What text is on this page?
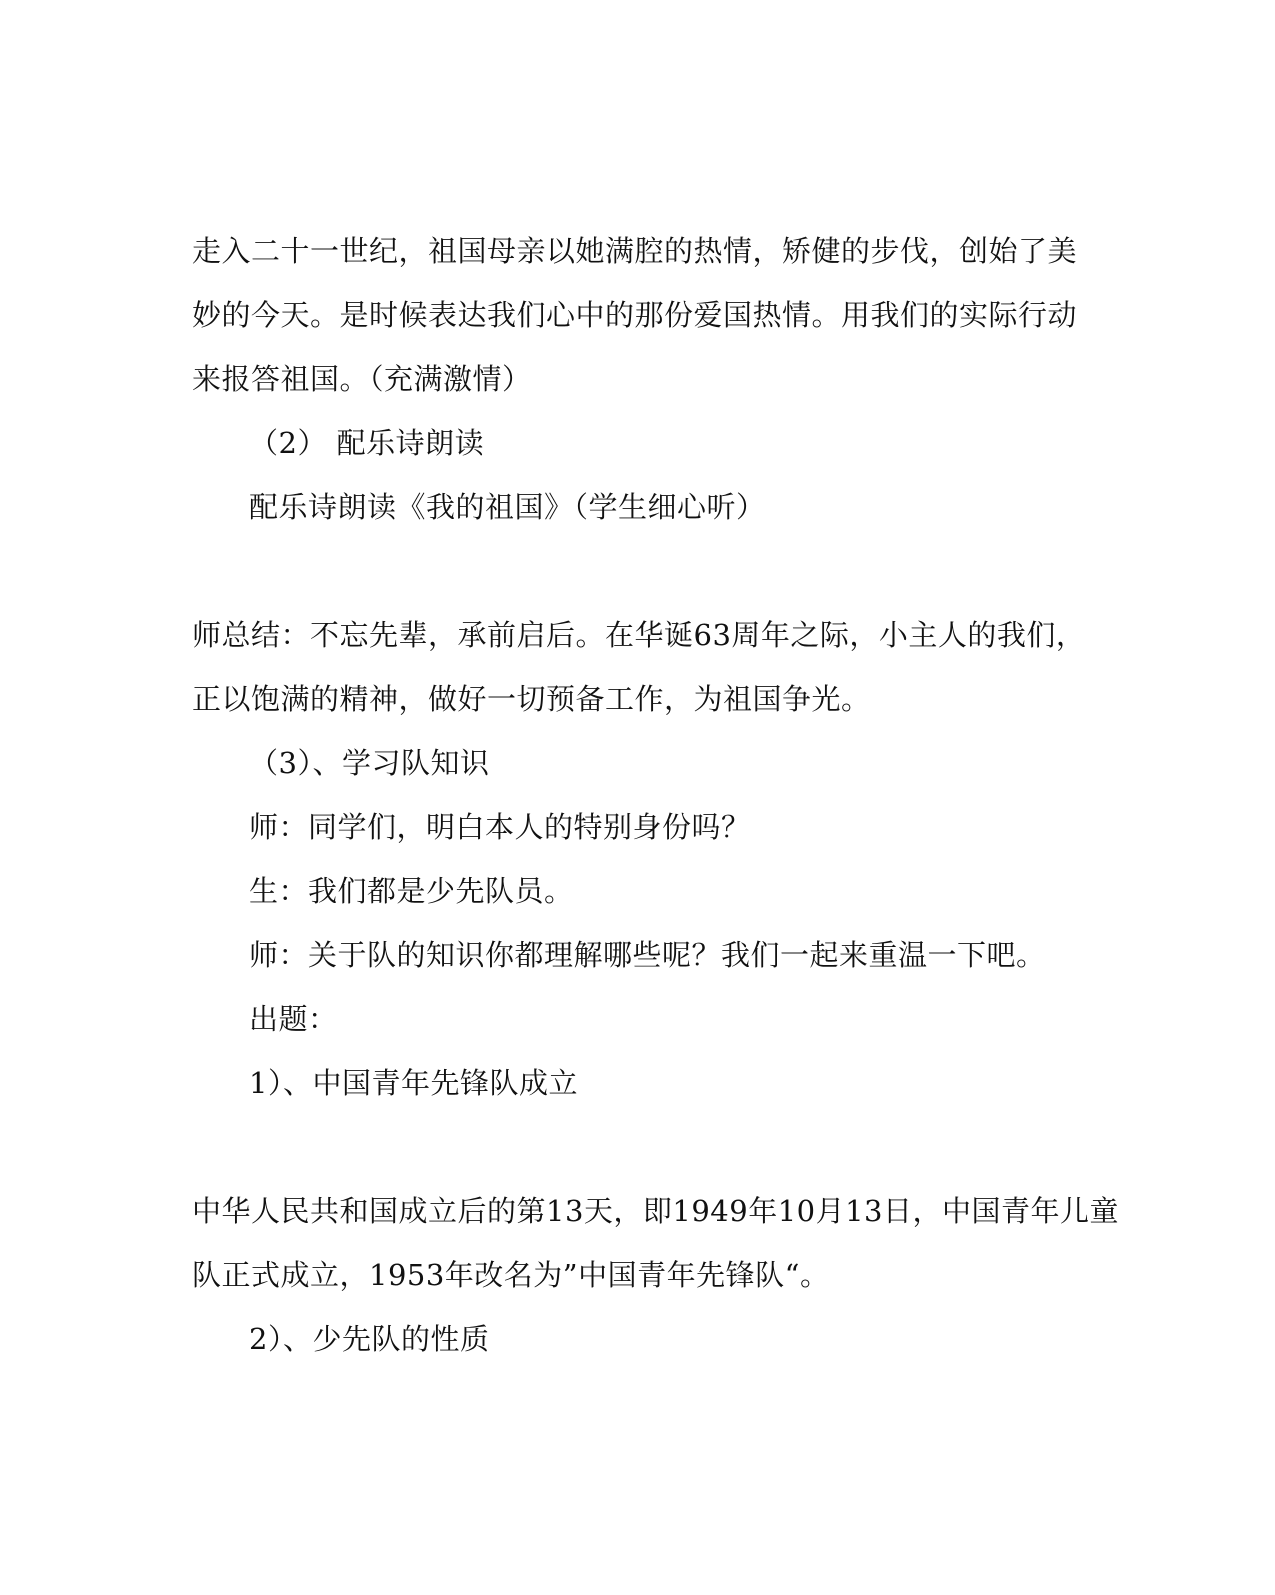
走入二十一世纪，祖国母亲以她满腔的热情，矫健的步伐，创始了美
妙的今天。是时候表达我们心中的那份爱国热情。用我们的实际行动
来报答祖国。（充满激情）
（2） 配乐诗朗读
配乐诗朗读《我的祖国》（学生细心听）
师总结：不忘先辈，承前启后。在华诞63周年之际，小主人的我们，
正以饱满的精神，做好一切预备工作，为祖国争光。
（3）、学习队知识
师：同学们，明白本人的特别身份吗？
生：我们都是少先队员。
师：关于队的知识你都理解哪些呢？我们一起来重温一下吧。
出题：
1）、中国青年先锋队成立
中华人民共和国成立后的第13天，即1949年10月13日，中国青年儿童
队正式成立，1953年改名为”中国青年先锋队“。
2）、少先队的性质
